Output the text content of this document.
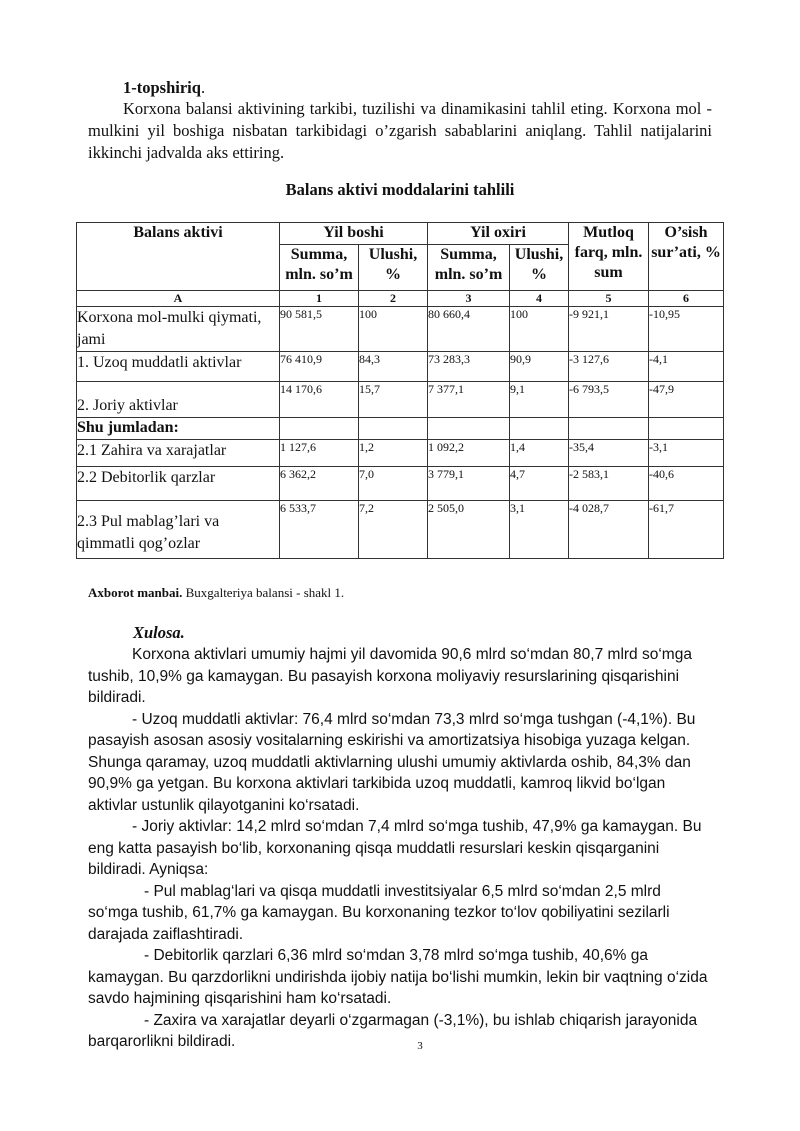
1-topshiriq.

Korxona balansi aktivining tarkibi, tuzilishi va dinamikasini tahlil eting. Korxona mol - mulkini yil boshiga nisbatan tarkibidagi o’zgarish sabablarini aniqlang. Tahlil natijalarini ikkinchi jadvalda aks ettiring.

Balans aktivi moddalarini tahlili
Balans aktivi	Yil boshi		Yil oxiri		Mutloq farq, mln. sum	O’sish sur’ati, %
	Summa, mln. so’m	Ulushi, %	Summa, mln. so’m	Ulushi, %		
A	1	2	3	4	5	6
Korxona mol-mulki qiymati, jami	90 581,5	100	80 660,4	100	-9 921,1	-10,95
1. Uzoq muddatli aktivlar	76 410,9	84,3	73 283,3	90,9	-3 127,6	-4,1
2. Joriy aktivlar	14 170,6	15,7	7 377,1	9,1	-6 793,5	-47,9
Shu jumladan:						
2.1 Zahira va xarajatlar	1 127,6	1,2	1 092,2	1,4	-35,4	-3,1
2.2 Debitorlik qarzlar	6 362,2	7,0	3 779,1	4,7	-2 583,1	-40,6
2.3 Pul mablag’lari va qimmatli qog’ozlar	6 533,7	7,2	2 505,0	3,1	-4 028,7	-61,7
Axborot manbai. Buxgalteriya balansi - shakl 1.
Xulosa.

Korxona aktivlari umumiy hajmi yil davomida 90,6 mlrd so‘mdan 80,7 mlrd so‘mga tushib, 10,9% ga kamaygan. Bu pasayish korxona moliyaviy resurslarining qisqarishini bildiradi.

- Uzoq muddatli aktivlar: 76,4 mlrd so‘mdan 73,3 mlrd so‘mga tushgan (-4,1%). Bu pasayish asosan asosiy vositalarning eskirishi va amortizatsiya hisobiga yuzaga kelgan. Shunga qaramay, uzoq muddatli aktivlarning ulushi umumiy aktivlarda oshib, 84,3% dan 90,9% ga yetgan. Bu korxona aktivlari tarkibida uzoq muddatli, kamroq likvid bo‘lgan aktivlar ustunlik qilayotganini ko‘rsatadi.

- Joriy aktivlar: 14,2 mlrd so‘mdan 7,4 mlrd so‘mga tushib, 47,9% ga kamaygan. Bu eng katta pasayish bo‘lib, korxonaning qisqa muddatli resurslari keskin qisqarganini bildiradi. Ayniqsa:

- Pul mablag‘lari va qisqa muddatli investitsiyalar 6,5 mlrd so‘mdan 2,5 mlrd so‘mga tushib, 61,7% ga kamaygan. Bu korxonaning tezkor to‘lov qobiliyatini sezilarli darajada zaiflashtiradi.

- Debitorlik qarzlari 6,36 mlrd so‘mdan 3,78 mlrd so‘mga tushib, 40,6% ga kamaygan. Bu qarzdorlikni undirishda ijobiy natija bo‘lishi mumkin, lekin bir vaqtning o‘zida savdo hajmining qisqarishini ham ko‘rsatadi.

- Zaxira va xarajatlar deyarli o‘zgarmagan (-3,1%), bu ishlab chiqarish jarayonida barqarorlikni bildiradi.	3
